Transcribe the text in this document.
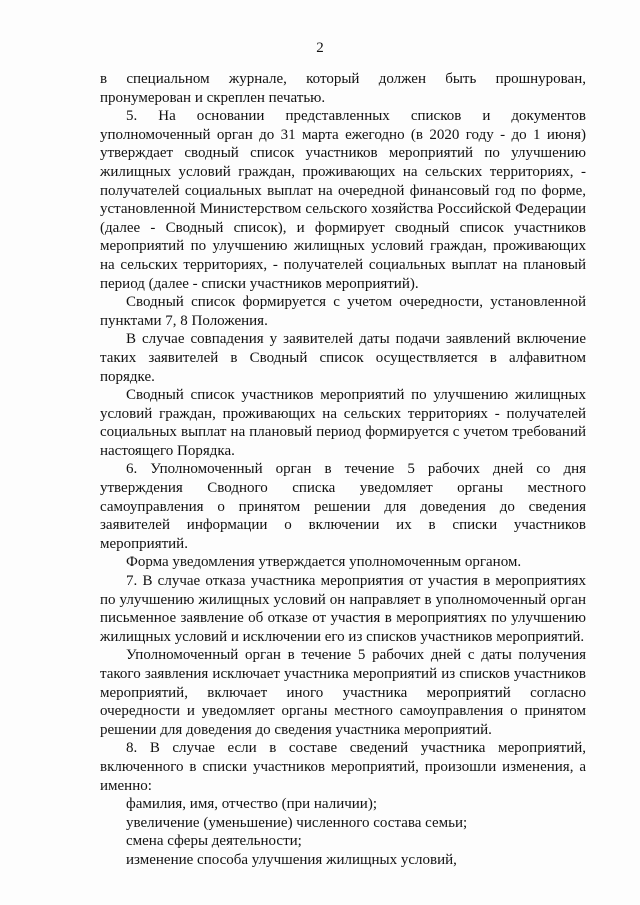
2

в специальном журнале, который должен быть прошнурован, пронумерован и скреплен печатью.

5. На основании представленных списков и документов уполномоченный орган до 31 марта ежегодно (в 2020 году - до 1 июня) утверждает сводный список участников мероприятий по улучшению жилищных условий граждан, проживающих на сельских территориях, - получателей социальных выплат на очередной финансовый год по форме, установленной Министерством сельского хозяйства Российской Федерации (далее - Сводный список), и формирует сводный список участников мероприятий по улучшению жилищных условий граждан, проживающих на сельских территориях, - получателей социальных выплат на плановый период (далее - списки участников мероприятий).

Сводный список формируется с учетом очередности, установленной пунктами 7, 8 Положения.

В случае совпадения у заявителей даты подачи заявлений включение таких заявителей в Сводный список осуществляется в алфавитном порядке.

Сводный список участников мероприятий по улучшению жилищных условий граждан, проживающих на сельских территориях - получателей социальных выплат на плановый период формируется с учетом требований настоящего Порядка.

6. Уполномоченный орган в течение 5 рабочих дней со дня утверждения Сводного списка уведомляет органы местного самоуправления о принятом решении для доведения до сведения заявителей информации о включении их в списки участников мероприятий.

Форма уведомления утверждается уполномоченным органом.

7. В случае отказа участника мероприятия от участия в мероприятиях по улучшению жилищных условий он направляет в уполномоченный орган письменное заявление об отказе от участия в мероприятиях по улучшению жилищных условий и исключении его из списков участников мероприятий.

Уполномоченный орган в течение 5 рабочих дней с даты получения такого заявления исключает участника мероприятий из списков участников мероприятий, включает иного участника мероприятий согласно очередности и уведомляет органы местного самоуправления о принятом решении для доведения до сведения участника мероприятий.

8. В случае если в составе сведений участника мероприятий, включенного в списки участников мероприятий, произошли изменения, а именно:

фамилия, имя, отчество (при наличии);

увеличение (уменьшение) численного состава семьи;

смена сферы деятельности;

изменение способа улучшения жилищных условий,
